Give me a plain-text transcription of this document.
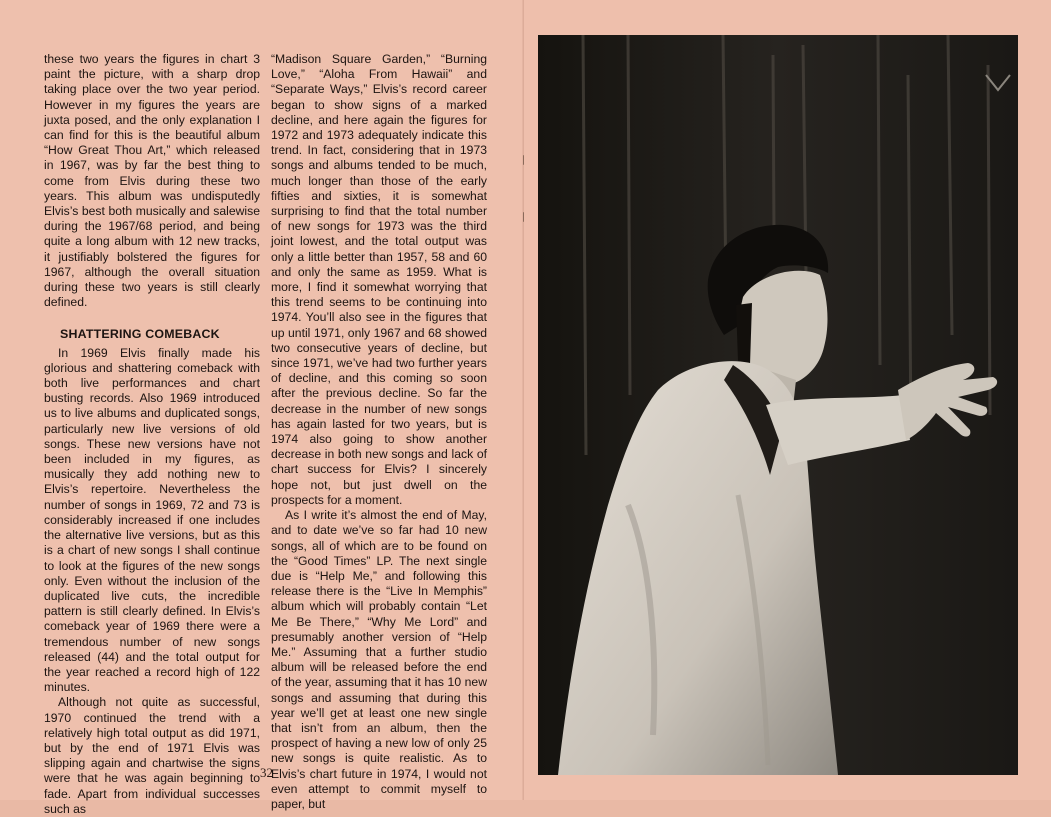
these two years the figures in chart 3 paint the picture, with a sharp drop taking place over the two year period. However in my figures the years are juxta posed, and the only explanation I can find for this is the beautiful album “How Great Thou Art,” which released in 1967, was by far the best thing to come from Elvis during these two years. This album was undisputedly Elvis’s best both musically and salewise during the 1967/68 period, and being quite a long album with 12 new tracks, it justifiably bolstered the figures for 1967, although the overall situation during these two years is still clearly defined.

SHATTERING COMEBACK

In 1969 Elvis finally made his glorious and shattering comeback with both live performances and chart busting records. Also 1969 introduced us to live albums and duplicated songs, particularly new live versions of old songs. These new versions have not been included in my figures, as musically they add nothing new to Elvis’s repertoire. Nevertheless the number of songs in 1969, 72 and 73 is considerably increased if one includes the alternative live versions, but as this is a chart of new songs I shall continue to look at the figures of the new songs only. Even without the inclusion of the duplicated live cuts, the incredible pattern is still clearly defined. In Elvis’s comeback year of 1969 there were a tremendous number of new songs released (44) and the total output for the year reached a record high of 122 minutes.

Although not quite as successful, 1970 continued the trend with a relatively high total output as did 1971, but by the end of 1971 Elvis was slipping again and chartwise the signs were that he was again beginning to fade. Apart from individual successes such as

“Madison Square Garden,” “Burning Love,” “Aloha From Hawaii” and “Separate Ways,” Elvis’s record career began to show signs of a marked decline, and here again the figures for 1972 and 1973 adequately indicate this trend. In fact, considering that in 1973 songs and albums tended to be much, much longer than those of the early fifties and sixties, it is somewhat surprising to find that the total number of new songs for 1973 was the third joint lowest, and the total output was only a little better than 1957, 58 and 60 and only the same as 1959. What is more, I find it somewhat worrying that this trend seems to be continuing into 1974. You’ll also see in the figures that up until 1971, only 1967 and 68 showed two consecutive years of decline, but since 1971, we’ve had two further years of decline, and this coming so soon after the previous decline. So far the decrease in the number of new songs has again lasted for two years, but is 1974 also going to show another decrease in both new songs and lack of chart success for Elvis? I sincerely hope not, but just dwell on the prospects for a moment.

As I write it’s almost the end of May, and to date we’ve so far had 10 new songs, all of which are to be found on the “Good Times” LP. The next single due is “Help Me,” and following this release there is the “Live In Memphis” album which will probably contain “Let Me Be There,” “Why Me Lord” and presumably another version of “Help Me.” Assuming that a further studio album will be released before the end of the year, assuming that it has 10 new songs and assuming that during this year we’ll get at least one new single that isn’t from an album, then the prospect of having a new low of only 25 new songs is quite realistic. As to Elvis’s chart future in 1974, I would not even attempt to commit myself to paper, but

32
